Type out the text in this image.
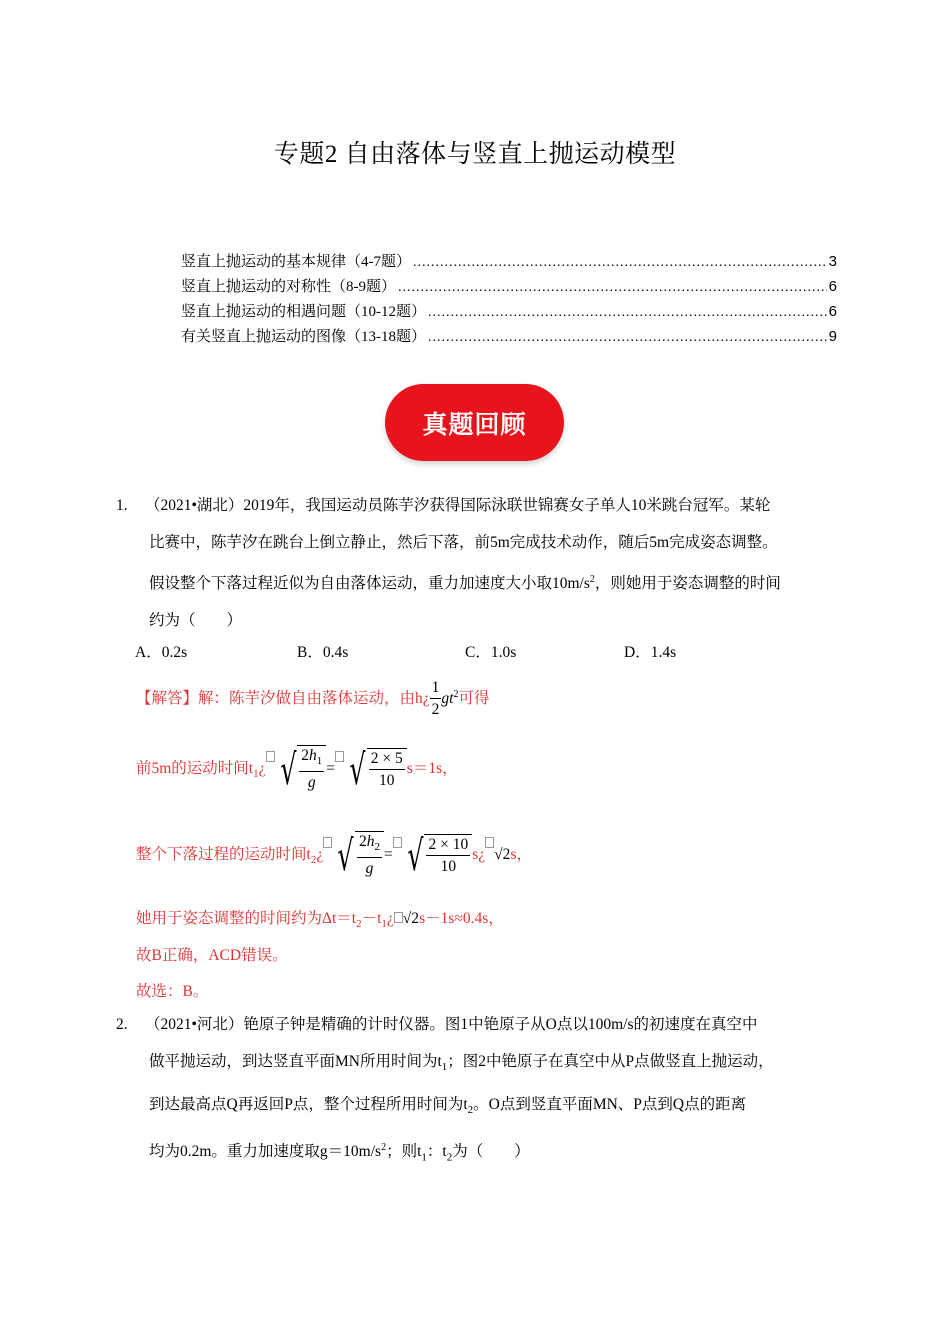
专题2 自由落体与竖直上抛运动模型
竖直上抛运动的基本规律（4-7题） .....	3
竖直上抛运动的对称性（8-9题） .....	6
竖直上抛运动的相遇问题（10-12题） .....	6
有关竖直上抛运动的图像（13-18题） .....	9
真题回顾
1. （2021•湖北）2019年，我国运动员陈芋汐获得国际泳联世锦赛女子单人10米跳台冠军。某轮
比赛中，陈芋汐在跳台上倒立静止，然后下落，前5m完成技术动作，随后5m完成姿态调整。
假设整个下落过程近似为自由落体运动，重力加速度大小取$10m/s^2$，则她用于姿态调整的时间
约为（　　）
A．0.2s	B．0.4s	C．1.0s	D．1.4s
【解答】解：陈芋汐做自由落体运动，由h¿ $\frac{1}{2} gt^2$可得
前5m的运动时间$t_1¿$ √ $\frac{2h_1}{g}$ = √ $\frac{2 \times 5}{10} s=1s$，
整个下落过程的运动时间$t_2¿$ √ $\frac{2h_2}{g}$ = √ $\frac{2 \times 10}{10}$ s¿ √2s，
她用于姿态调整的时间约为$\Delta t=t_2-t_1¿$ √2s－1s≈0.4s，
故B正确，ACD错误。
故选：B。
2. （2021•河北）铯原子钟是精确的计时仪器。图1中铯原子从O点以100m/s的初速度在真空中
做平抛运动，到达竖直平面MN所用时间为$t_1$；图2中铯原子在真空中从P点做竖直上抛运动，
到达最高点Q再返回P点，整个过程所用时间为$t_2$。O点到竖直平面MN、P点到Q点的距离
均为0.2m。重力加速度取$g=10m/s^2$；则$t_1$：$t_2$为（　　）
